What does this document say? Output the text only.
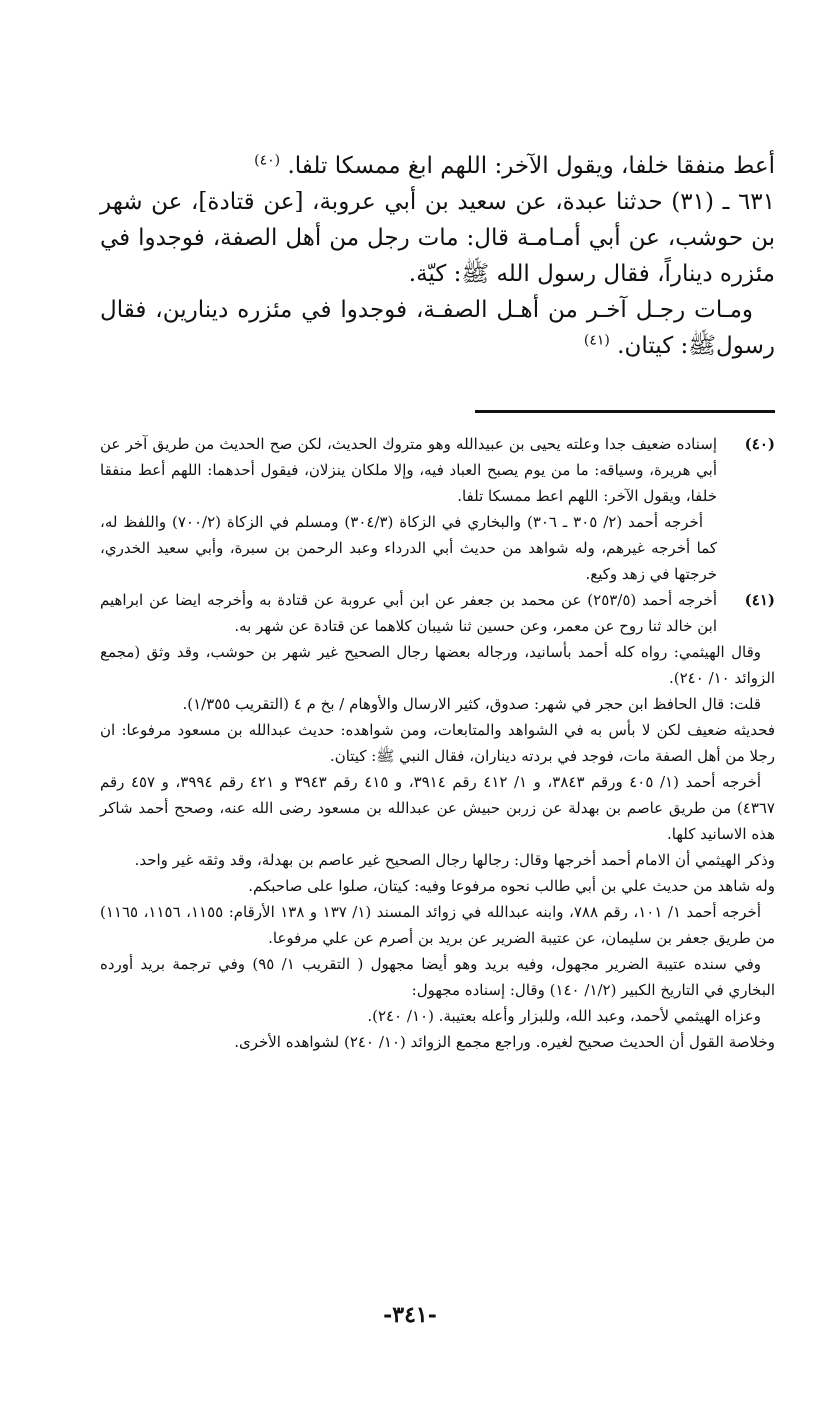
أعط منفقا خلفا، ويقول الآخر: اللهم ابغ ممسكا تلفا. $^{(٤٠)}$

٦٣١ ـ (٣١) حدثنا عبدة، عن سعيد بن أبي عروبة، [عن قتادة]، عن شهر بن حوشب، عن أبي أمـامـة قال: مات رجل من أهل الصفة، فوجدوا في مئزره ديناراً، فقال رسول الله ﷺ: كيّة.

ومـات رجـل آخـر من أهـل الصفـة، فوجدوا في مئزره دينارين، فقال رسولﷺ: كيتان. $^{(٤١)}$

(٤٠)

إسناده ضعيف جدا وعلته يحيى بن عبيدالله وهو متروك الحديث، لكن صح الحديث من طريق آخر عن أبي هريرة، وسياقه: ما من يوم يصبح العباد فيه، وإلا ملكان ينزلان، فيقول أحدهما: اللهم أعط منفقا خلفا، ويقول الآخر: اللهم اعط ممسكا تلفا.

أخرجه أحمد (٢/ ٣٠٥ ـ ٣٠٦) والبخاري في الزكاة (٣٠٤/٣) ومسلم في الزكاة (٧٠٠/٢) واللفظ له، كما أخرجه غيرهم، وله شواهد من حديث أبي الدرداء وعبد الرحمن بن سبرة، وأبي سعيد الخدري، خرجتها في زهد وكيع.

(٤١)

أخرجه أحمد (٢٥٣/٥) عن محمد بن جعفر عن ابن أبي عروبة عن قتادة به وأخرجه ايضا عن ابراهيم ابن خالد ثنا روح عن معمر، وعن حسين ثنا شيبان كلاهما عن قتادة عن شهر به.

وقال الهيثمي: رواه كله أحمد بأسانيد، ورجاله بعضها رجال الصحيح غير شهر بن حوشب، وقد وثق (مجمع الزوائد ١٠/ ٢٤٠).

قلت: قال الحافظ ابن حجر في شهر: صدوق، كثير الارسال والأوهام / بخ م ٤ (التقريب ١/٣٥٥).

فحديثه ضعيف لكن لا بأس به في الشواهد والمتابعات، ومن شواهده: حديث عبدالله بن مسعود مرفوعا: ان رجلا من أهل الصفة مات، فوجد في بردته ديناران، فقال النبي ﷺ: كيتان.

أخرجه أحمد (١/ ٤٠٥ ورقم ٣٨٤٣، و ١/ ٤١٢ رقم ٣٩١٤، و ٤١٥ رقم ٣٩٤٣ و ٤٢١ رقم ٣٩٩٤، و ٤٥٧ رقم ٤٣٦٧) من طريق عاصم بن بهدلة عن زربن حبيش عن عبدالله بن مسعود رضى الله عنه، وصحح أحمد شاكر هذه الاسانيد كلها.

وذكر الهيثمي أن الامام أحمد أخرجها وقال: رجالها رجال الصحيح غير عاصم بن بهدلة، وقد وثقه غير واحد.

وله شاهد من حديث علي بن أبي طالب نحوه مرفوعا وفيه: كيتان، صلوا على صاحبكم.

أخرجه أحمد ١/ ١٠١، رقم ٧٨٨، وابنه عبدالله في زوائد المسند (١/ ١٣٧ و ١٣٨ الأرقام: ١١٥٥، ١١٥٦، ١١٦٥) من طريق جعفر بن سليمان، عن عتيبة الضرير عن بريد بن أصرم عن علي مرفوعا.

وفي سنده عتيبة الضرير مجهول، وفيه بريد وهو أيضا مجهول ( التقريب ١/ ٩٥) وفي ترجمة بريد أورده البخاري في التاريخ الكبير (١/٢/ ١٤٠) وقال: إسناده مجهول:

وعزاه الهيثمي لأحمد، وعبد الله، وللبزار وأعله بعتيبة. (١٠/ ٢٤٠).

وخلاصة القول أن الحديث صحيح لغيره. وراجع مجمع الزوائد (١٠/ ٢٤٠) لشواهده الأخرى.

-٣٤١-
